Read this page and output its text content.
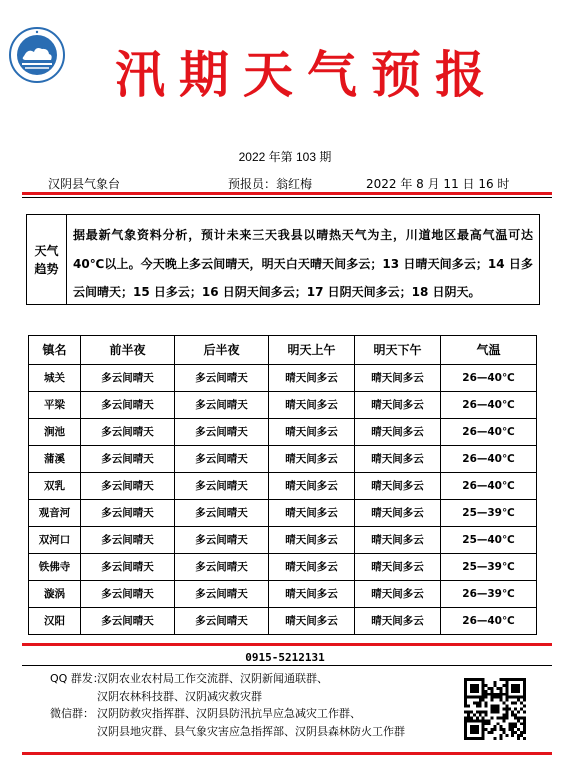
汛期天气预报
2022 年第 103 期
汉阴县气象台	预报员：翁红梅	2022 年 8 月 11 日 16 时
天气趋势
据最新气象资料分析，预计未来三天我县以晴热天气为主，川道地区最高气温可达 40℃以上。今天晚上多云间晴天，明天白天晴天间多云；13 日晴天间多云；14 日多云间晴天；15 日多云；16 日阴天间多云；17 日阴天间多云；18 日阴天。
镇名	前半夜	后半夜	明天上午	明天下午	气温
城关	多云间晴天	多云间晴天	晴天间多云	晴天间多云	26—40℃
平梁	多云间晴天	多云间晴天	晴天间多云	晴天间多云	26—40℃
涧池	多云间晴天	多云间晴天	晴天间多云	晴天间多云	26—40℃
蒲溪	多云间晴天	多云间晴天	晴天间多云	晴天间多云	26—40℃
双乳	多云间晴天	多云间晴天	晴天间多云	晴天间多云	26—40℃
观音河	多云间晴天	多云间晴天	晴天间多云	晴天间多云	25—39℃
双河口	多云间晴天	多云间晴天	晴天间多云	晴天间多云	25—40℃
铁佛寺	多云间晴天	多云间晴天	晴天间多云	晴天间多云	25—39℃
漩涡	多云间晴天	多云间晴天	晴天间多云	晴天间多云	26—39℃
汉阳	多云间晴天	多云间晴天	晴天间多云	晴天间多云	26—40℃
0915-5212131
QQ 群发：汉阴农业农村局工作交流群、汉阴新闻通联群、
汉阴农林科技群、汉阴减灾救灾群
微信群： 汉阴防救灾指挥群、汉阴县防汛抗旱应急减灾工作群、
汉阴县地灾群、县气象灾害应急指挥部、汉阴县森林防火工作群
